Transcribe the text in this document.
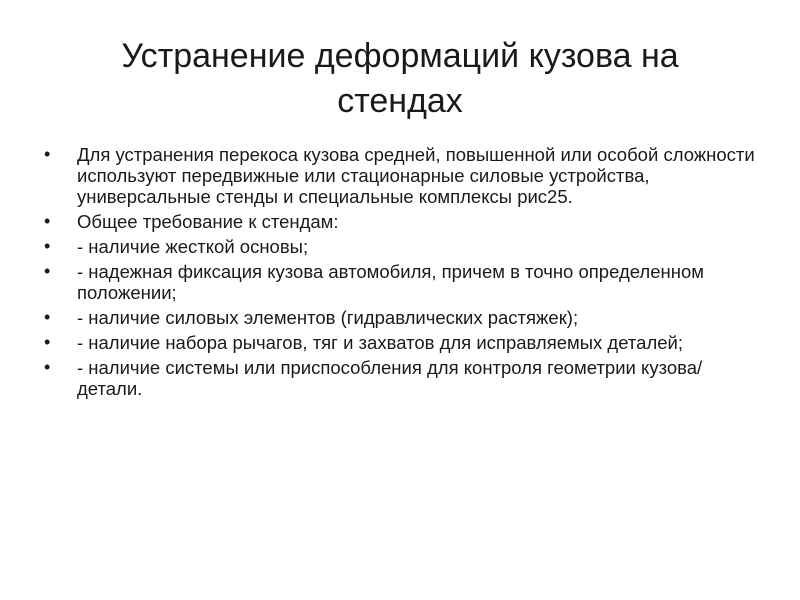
Устранение деформаций кузова на стендах
• Для устранения перекоса кузова средней, повышенной или особой сложности используют передвижные или стационарные силовые устройства, универсальные стенды и специальные комплексы рис25.
• Общее требование к стендам:
• - наличие жесткой основы;
• - надежная фиксация кузова автомобиля, причем в точно определенном положении;
• - наличие силовых элементов (гидравлических растяжек);
• - наличие набора рычагов, тяг и захватов для исправляемых деталей;
• - наличие системы или приспособления для контроля геометрии кузова/детали.
